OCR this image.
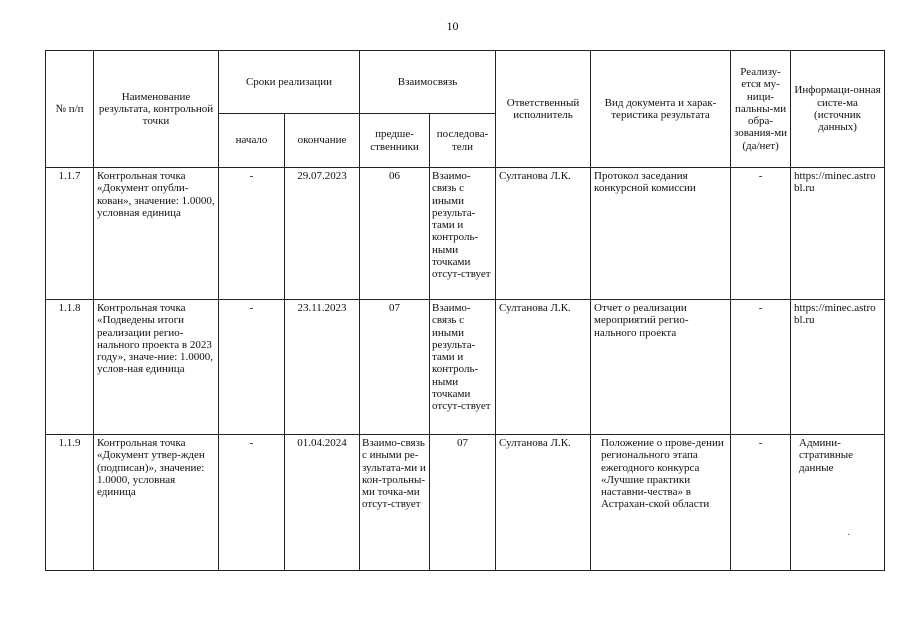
10
№ п/п	Наименование результата, контрольной точки	Сроки реализации		Взаимосвязь		Ответственный исполнитель	Вид документа и харак-теристика результата	Реализу-ется му-ници-пальны-ми обра-зования-ми (да/нет)	Информаци-онная систе-ма (источник данных)
		начало	окончание	предше-ственники	последова-тели				
1.1.7	Контрольная точка «Документ опубли-кован», значение: 1.0000, условная единица	-	29.07.2023	06	Взаимо-связь с иными результа-тами и контроль-ными точками отсут-ствует	Султанова Л.К.	Протокол заседания конкурсной комиссии	-	https://minec.astrobl.ru
1.1.8	Контрольная точка «Подведены итоги реализации регио-нального проекта в 2023 году», значе-ние: 1.0000, услов-ная единица	-	23.11.2023	07	Взаимо-связь с иными результа-тами и контроль-ными точками отсут-ствует	Султанова Л.К.	Отчет о реализации мероприятий регио-нального проекта	-	https://minec.astrobl.ru
1.1.9	Контрольная точка «Документ утвер-жден (подписан)», значение: 1.0000, условная единица	-	01.04.2024	Взаимо-связь с иными ре-зультата-ми и кон-трольны-ми точка-ми отсут-ствует	07	Султанова Л.К.	Положение о прове-дении регионального этапа ежегодного конкурса «Лучшие практики наставни-чества» в Астрахан-ской области	-	Админи-стративные данные
·
